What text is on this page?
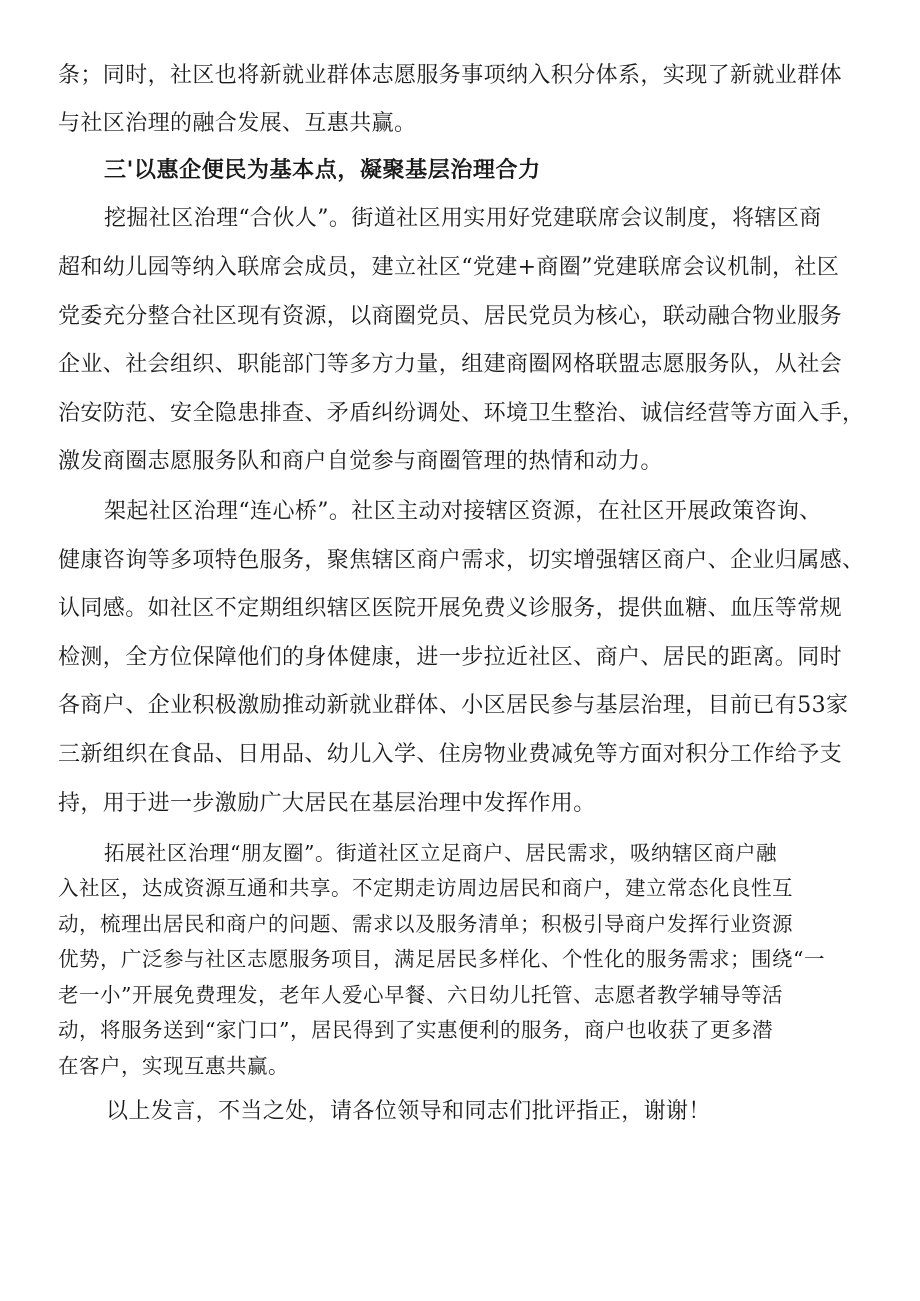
条；同时，社区也将新就业群体志愿服务事项纳入积分体系，实现了新就业群体
与社区治理的融合发展、互惠共赢。
三'以惠企便民为基本点，凝聚基层治理合力
挖掘社区治理“合伙人”。街道社区用实用好党建联席会议制度，将辖区商
超和幼儿园等纳入联席会成员，建立社区“党建+商圈”党建联席会议机制，社区
党委充分整合社区现有资源，以商圈党员、居民党员为核心，联动融合物业服务
企业、社会组织、职能部门等多方力量，组建商圈网格联盟志愿服务队，从社会
治安防范、安全隐患排查、矛盾纠纷调处、环境卫生整治、诚信经营等方面入手，
激发商圈志愿服务队和商户自觉参与商圈管理的热情和动力。
架起社区治理“连心桥”。社区主动对接辖区资源，在社区开展政策咨询、
健康咨询等多项特色服务，聚焦辖区商户需求，切实增强辖区商户、企业归属感、
认同感。如社区不定期组织辖区医院开展免费义诊服务，提供血糖、血压等常规
检测，全方位保障他们的身体健康，进一步拉近社区、商户、居民的距离。同时
各商户、企业积极激励推动新就业群体、小区居民参与基层治理，目前已有53家
三新组织在食品、日用品、幼儿入学、住房物业费减免等方面对积分工作给予支
持，用于进一步激励广大居民在基层治理中发挥作用。
拓展社区治理“朋友圈”。街道社区立足商户、居民需求，吸纳辖区商户融
入社区，达成资源互通和共享。不定期走访周边居民和商户，建立常态化良性互
动，梳理出居民和商户的问题、需求以及服务清单；积极引导商户发挥行业资源
优势，广泛参与社区志愿服务项目，满足居民多样化、个性化的服务需求；围绕“一
老一小”开展免费理发，老年人爱心早餐、六日幼儿托管、志愿者教学辅导等活
动，将服务送到“家门口”，居民得到了实惠便利的服务，商户也收获了更多潜
在客户，实现互惠共赢。
以上发言，不当之处，请各位领导和同志们批评指正，谢谢！
